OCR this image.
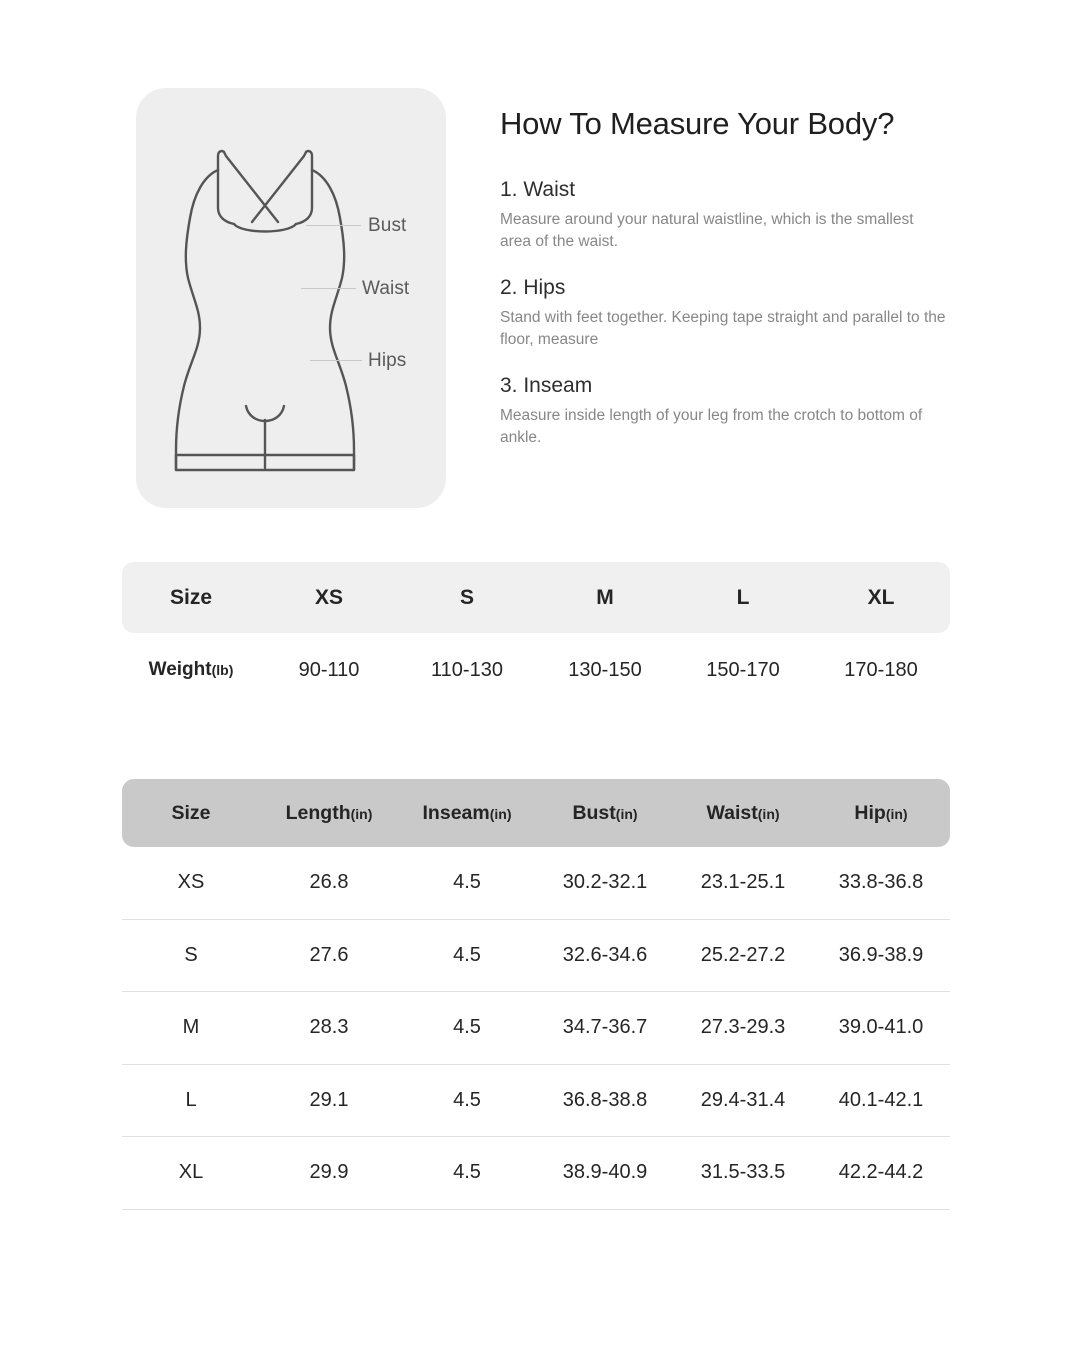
Bust
Waist
Hips
How To Measure Your Body?
1. Waist

Measure around your natural waistline, which is the smallest area of the waist.

2. Hips

Stand with feet together. Keeping tape straight and parallel to the floor, measure

3. Inseam

Measure inside length of your leg from the crotch to bottom of ankle.

Size	XS	S	M	L	XL
Weight(lb)	90-110	110-130	130-150	150-170	170-180
Size	Length(in)	Inseam(in)	Bust(in)	Waist(in)	Hip(in)
XS	26.8	4.5	30.2-32.1	23.1-25.1	33.8-36.8
S	27.6	4.5	32.6-34.6	25.2-27.2	36.9-38.9
M	28.3	4.5	34.7-36.7	27.3-29.3	39.0-41.0
L	29.1	4.5	36.8-38.8	29.4-31.4	40.1-42.1
XL	29.9	4.5	38.9-40.9	31.5-33.5	42.2-44.2
